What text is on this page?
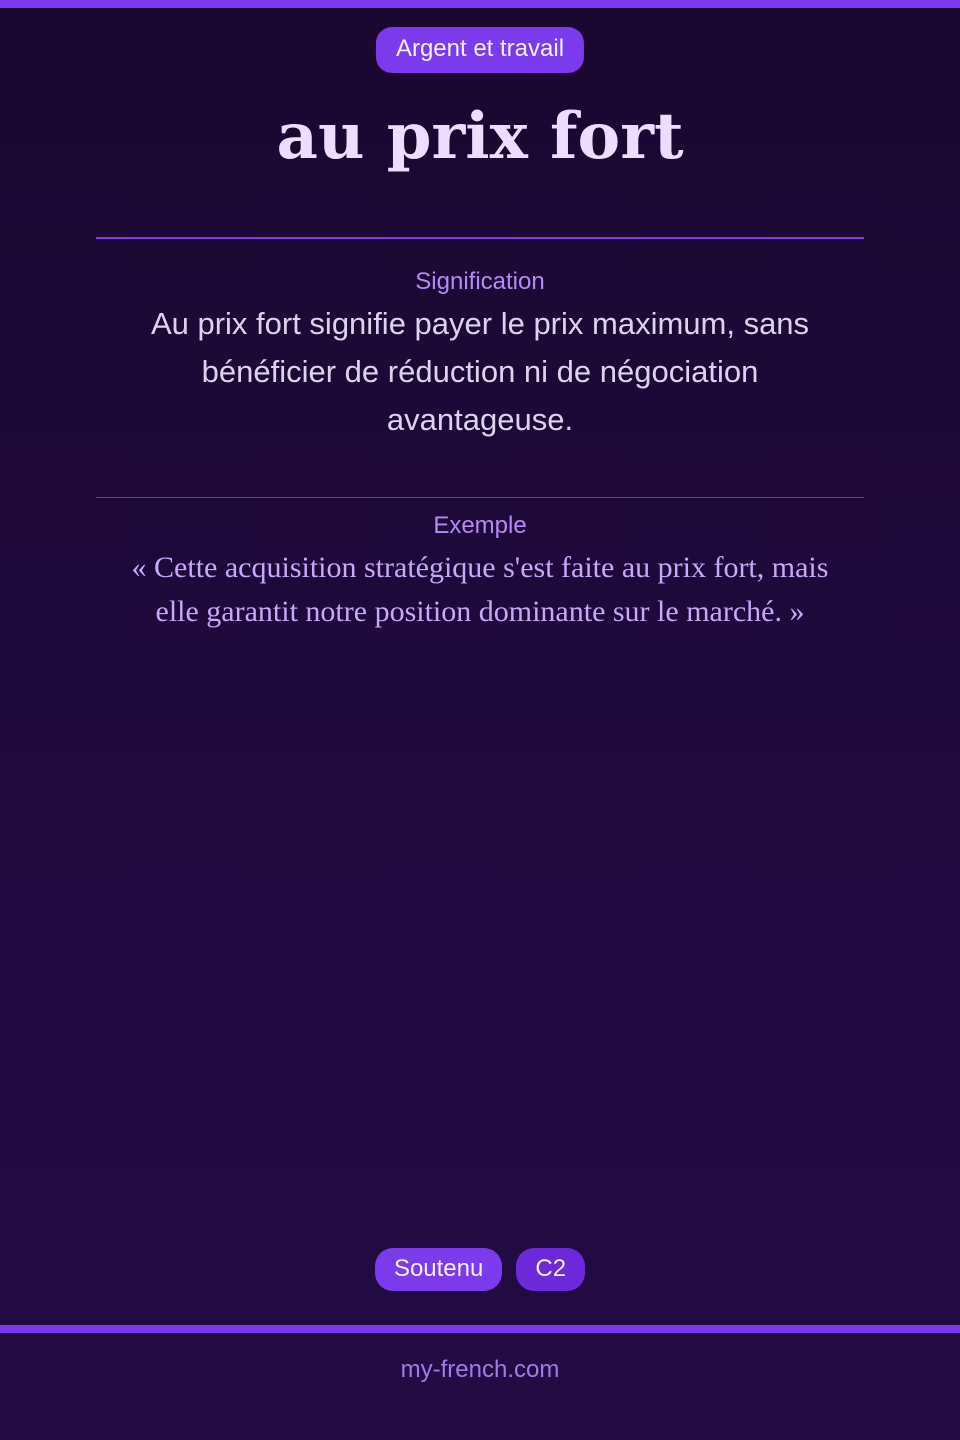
Argent et travail
au prix fort
Signification
Au prix fort signifie payer le prix maximum, sans bénéficier de réduction ni de négociation avantageuse.
Exemple
« Cette acquisition stratégique s'est faite au prix fort, mais elle garantit notre position dominante sur le marché. »
Soutenu	C2
my-french.com
